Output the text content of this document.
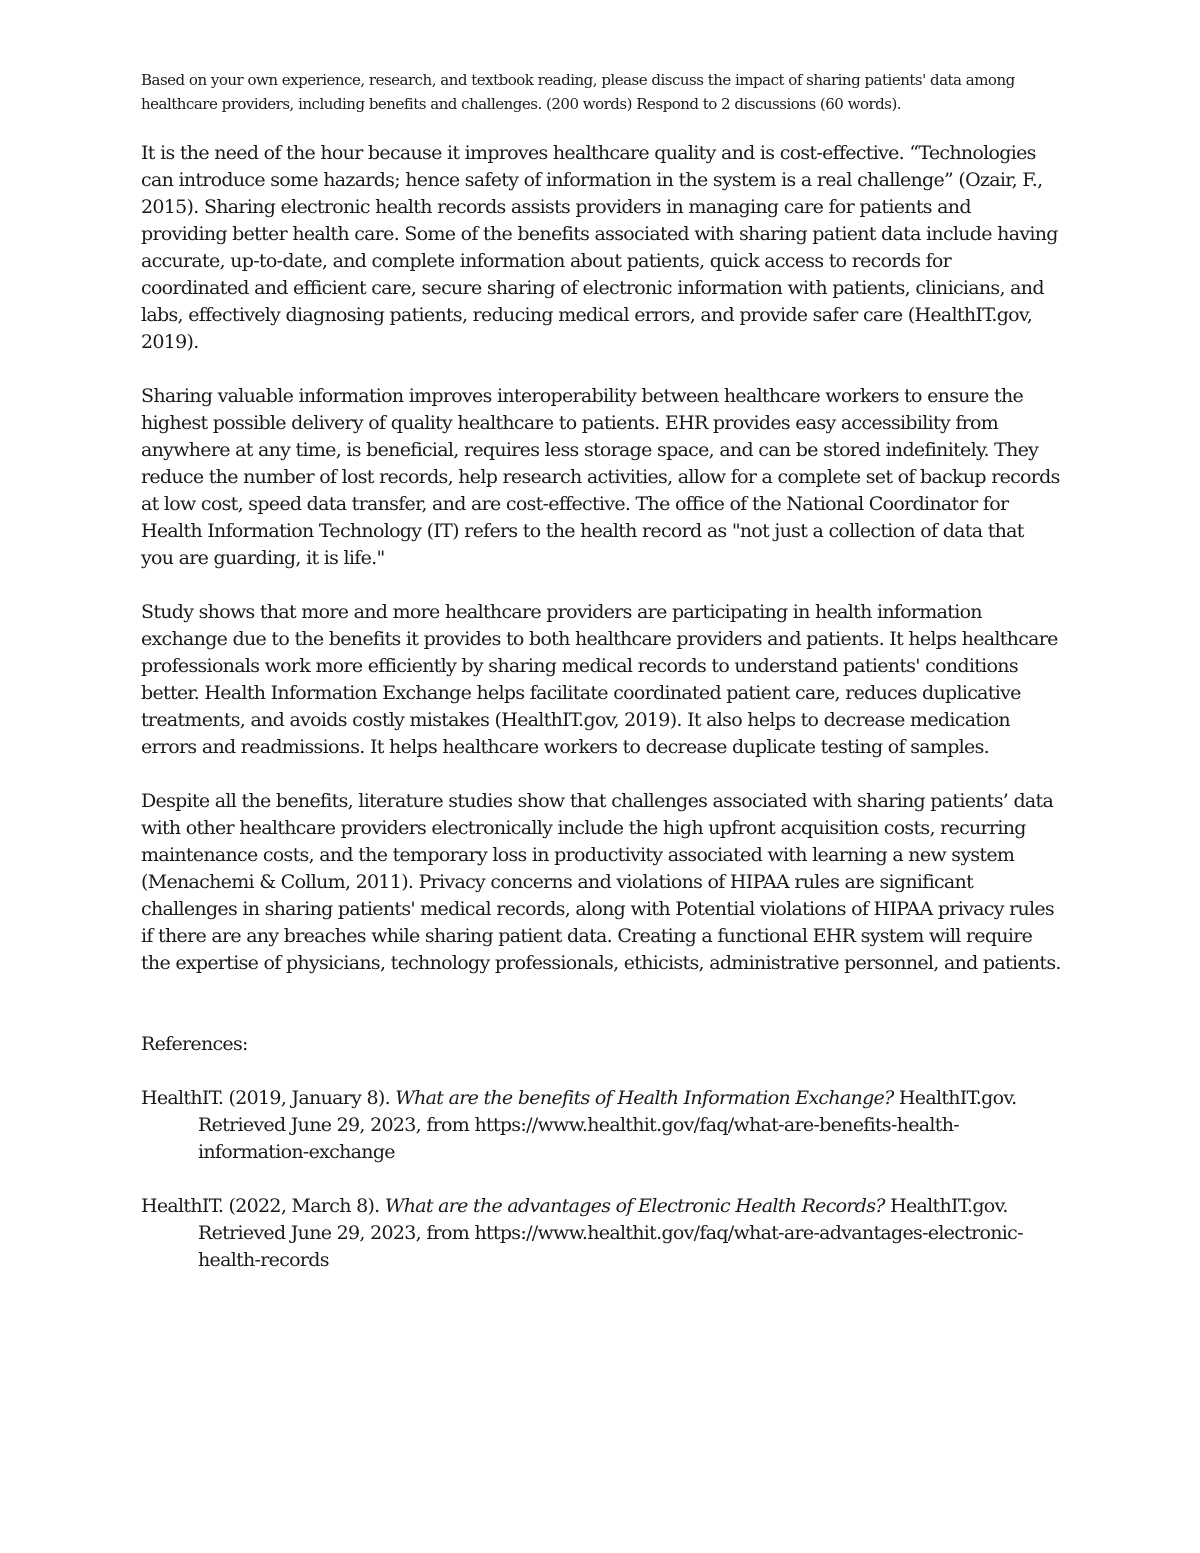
Based on your own experience, research, and textbook reading, please discuss the impact of sharing patients' data among healthcare providers, including benefits and challenges. (200 words) Respond to 2 discussions (60 words).

It is the need of the hour because it improves healthcare quality and is cost-effective. “Technologies can introduce some hazards; hence safety of information in the system is a real challenge” (Ozair, F., 2015). Sharing electronic health records assists providers in managing care for patients and providing better health care. Some of the benefits associated with sharing patient data include having accurate, up-to-date, and complete information about patients, quick access to records for coordinated and efficient care, secure sharing of electronic information with patients, clinicians, and labs, effectively diagnosing patients, reducing medical errors, and provide safer care (HealthIT.gov, 2019).

Sharing valuable information improves interoperability between healthcare workers to ensure the highest possible delivery of quality healthcare to patients. EHR provides easy accessibility from anywhere at any time, is beneficial, requires less storage space, and can be stored indefinitely. They reduce the number of lost records, help research activities, allow for a complete set of backup records at low cost, speed data transfer, and are cost-effective. The office of the National Coordinator for Health Information Technology (IT) refers to the health record as "not just a collection of data that you are guarding, it is life."

Study shows that more and more healthcare providers are participating in health information exchange due to the benefits it provides to both healthcare providers and patients. It helps healthcare professionals work more efficiently by sharing medical records to understand patients' conditions better. Health Information Exchange helps facilitate coordinated patient care, reduces duplicative treatments, and avoids costly mistakes (HealthIT.gov, 2019). It also helps to decrease medication errors and readmissions. It helps healthcare workers to decrease duplicate testing of samples.

Despite all the benefits, literature studies show that challenges associated with sharing patients’ data with other healthcare providers electronically include the high upfront acquisition costs, recurring maintenance costs, and the temporary loss in productivity associated with learning a new system (Menachemi & Collum, 2011). Privacy concerns and violations of HIPAA rules are significant challenges in sharing patients' medical records, along with Potential violations of HIPAA privacy rules if there are any breaches while sharing patient data. Creating a functional EHR system will require the expertise of physicians, technology professionals, ethicists, administrative personnel, and patients.

References:

HealthIT. (2019, January 8). What are the benefits of Health Information Exchange? HealthIT.gov. Retrieved June 29, 2023, from https://www.healthit.gov/faq/what-are-benefits-health-information-exchange

HealthIT. (2022, March 8). What are the advantages of Electronic Health Records? HealthIT.gov. Retrieved June 29, 2023, from https://www.healthit.gov/faq/what-are-advantages-electronic-health-records
